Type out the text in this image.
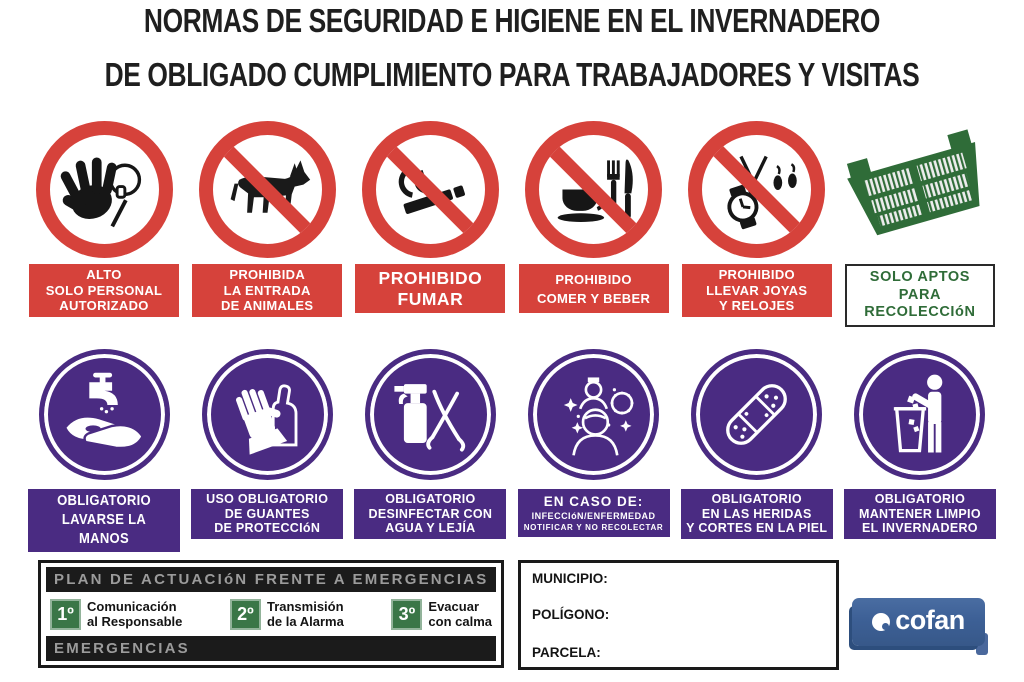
NORMAS DE SEGURIDAD E HIGIENE EN EL INVERNADERO
DE OBLIGADO CUMPLIMIENTO PARA TRABAJADORES Y VISITAS
ALTO
SOLO PERSONAL
AUTORIZADO
PROHIBIDA
LA ENTRADA
DE ANIMALES
PROHIBIDO
FUMAR
PROHIBIDO
COMER Y BEBER
PROHIBIDO
LLEVAR JOYAS
Y RELOJES
SOLO APTOS
PARA
RECOLECCIóN
OBLIGATORIO
LAVARSE LA MANOS
USO OBLIGATORIO
DE GUANTES
DE PROTECCIóN
OBLIGATORIO
DESINFECTAR CON
AGUA Y LEJÍA
EN CASO DE:
INFECCIóN/ENFERMEDAD
NOTIFICAR Y NO RECOLECTAR
OBLIGATORIO
EN LAS HERIDAS
Y CORTES EN LA PIEL
OBLIGATORIO
MANTENER LIMPIO
EL INVERNADERO
PLAN DE ACTUACIóN FRENTE A EMERGENCIAS
1º	Comunicación
al Responsable	2º	Transmisión
de la Alarma	3º	Evacuar
con calma
EMERGENCIAS
MUNICIPIO:
POLÍGONO:
PARCELA:
cofan
